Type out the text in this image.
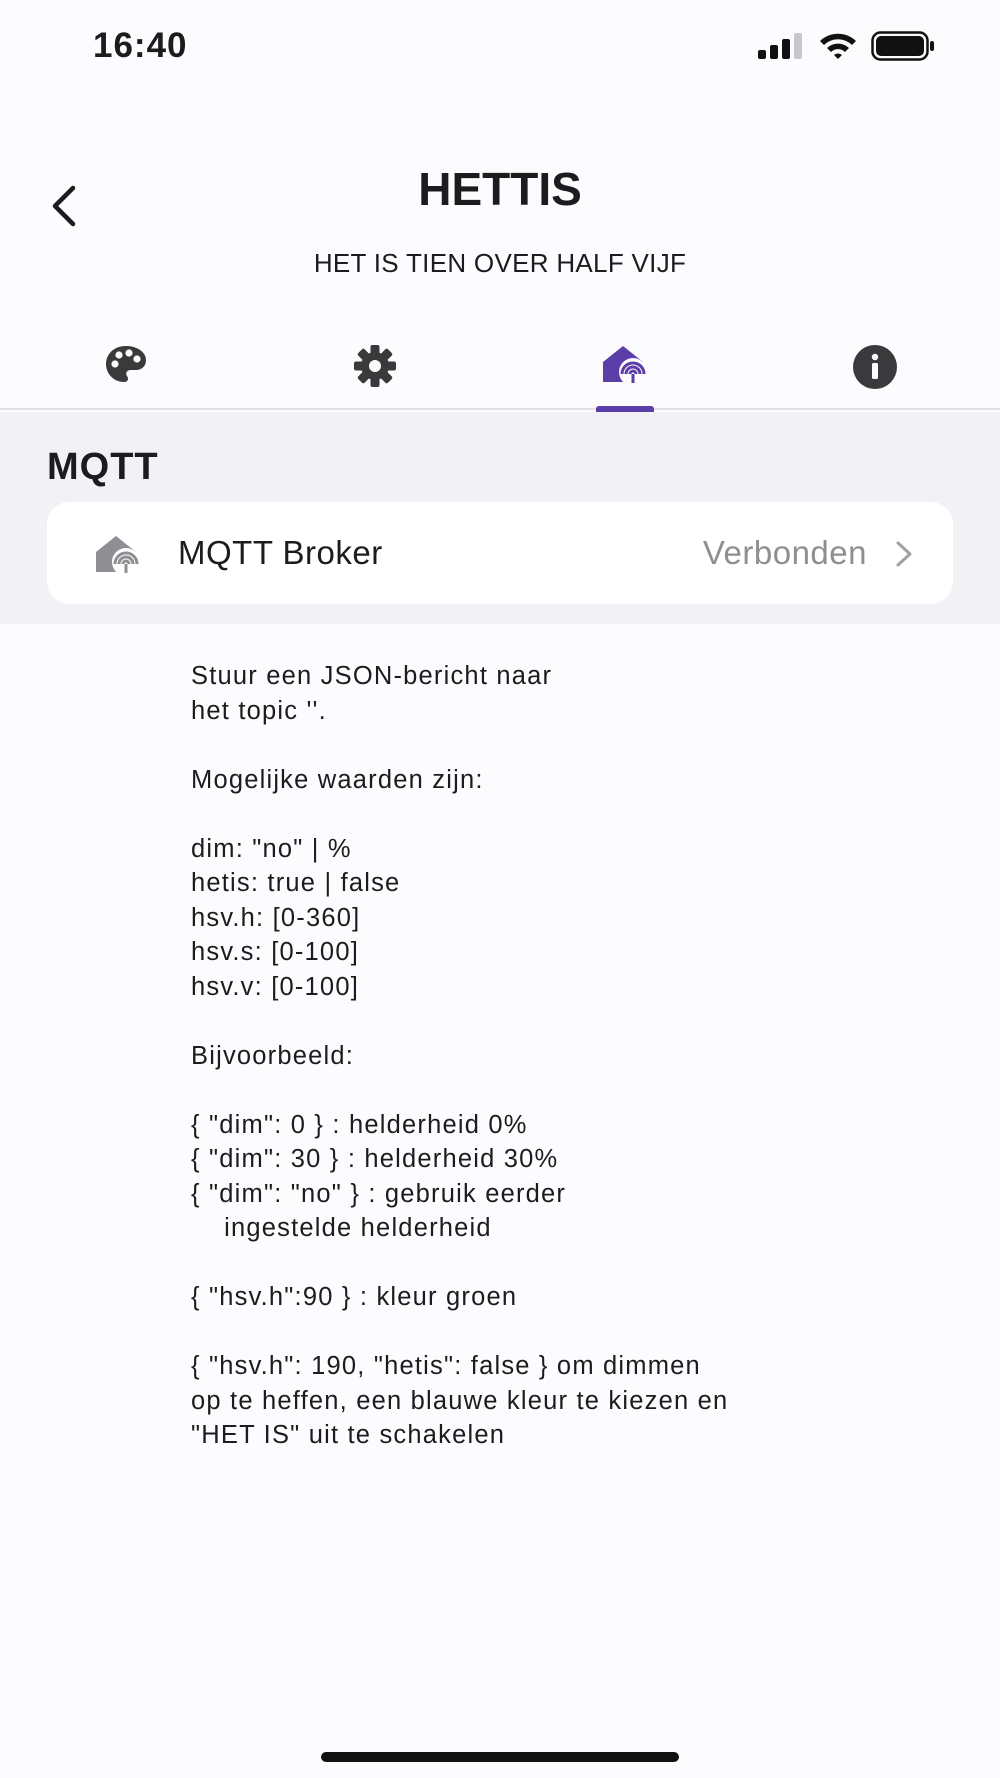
16:40
HETTIS
HET IS TIEN OVER HALF VIJF
MQTT
MQTT Broker	Verbonden

Stuur een JSON-bericht naar

het topic ''.

Mogelijke waarden zijn:

dim: "no" | %

hetis: true | false

hsv.h: [0-360]

hsv.s: [0-100]

hsv.v: [0-100]

Bijvoorbeeld:

{ "dim": 0 } : helderheid 0%

{ "dim": 30 } : helderheid 30%

{ "dim": "no" } : gebruik eerder

ingestelde helderheid

{ "hsv.h":90 } : kleur groen

{ "hsv.h": 190, "hetis": false } om dimmen

op te heffen, een blauwe kleur te kiezen en

"HET IS" uit te schakelen
